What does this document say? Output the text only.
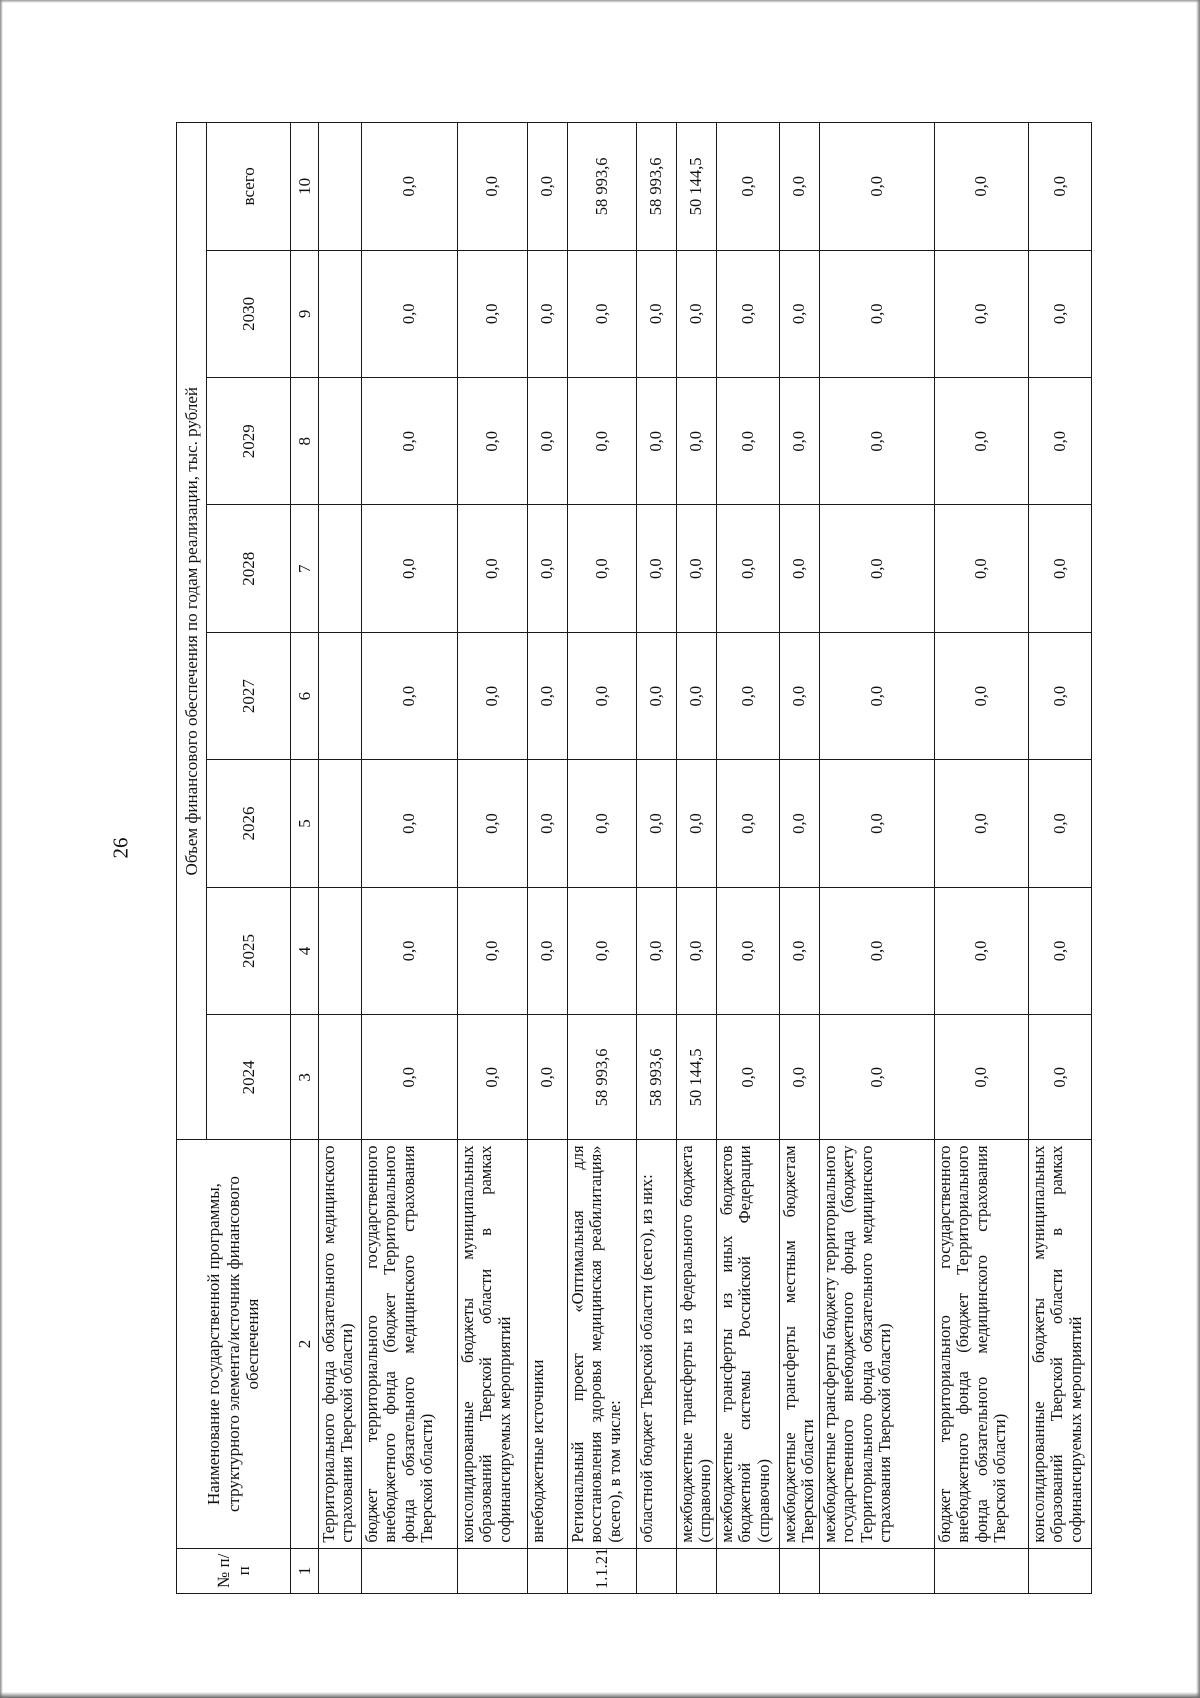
26
№ п/п	Наименование государственной программы, структурного элемента/источник финансового обеспечения	Объем финансового обеспечения по годам реализации, тыс. рублей							
		2024	2025	2026	2027	2028	2029	2030	всего
1	2	3	4	5	6	7	8	9	10
	Территориального фонда обязательного медицинского страхования Тверской области)								
	бюджет территориального государственного внебюджетного фонда (бюджет Территориального фонда обязательного медицинского страхования Тверской области)	0,0	0,0	0,0	0,0	0,0	0,0	0,0	0,0
	консолидированные бюджеты муниципальных образований Тверской области в рамках софинансируемых мероприятий	0,0	0,0	0,0	0,0	0,0	0,0	0,0	0,0
	внебюджетные источники	0,0	0,0	0,0	0,0	0,0	0,0	0,0	0,0
1.1.21	Региональный проект «Оптимальная для восстановления здоровья медицинская реабилитация» (всего), в том числе:	58 993,6	0,0	0,0	0,0	0,0	0,0	0,0	58 993,6
	областной бюджет Тверской области (всего), из них:	58 993,6	0,0	0,0	0,0	0,0	0,0	0,0	58 993,6
	межбюджетные трансферты из федерального бюджета (справочно)	50 144,5	0,0	0,0	0,0	0,0	0,0	0,0	50 144,5
	межбюджетные трансферты из иных бюджетов бюджетной системы Российской Федерации (справочно)	0,0	0,0	0,0	0,0	0,0	0,0	0,0	0,0
	межбюджетные трансферты местным бюджетам Тверской области	0,0	0,0	0,0	0,0	0,0	0,0	0,0	0,0
	межбюджетные трансферты бюджету территориального государственного внебюджетного фонда (бюджету Территориального фонда обязательного медицинского страхования Тверской области)	0,0	0,0	0,0	0,0	0,0	0,0	0,0	0,0
	бюджет территориального государственного внебюджетного фонда (бюджет Территориального фонда обязательного медицинского страхования Тверской области)	0,0	0,0	0,0	0,0	0,0	0,0	0,0	0,0
	консолидированные бюджеты муниципальных образований Тверской области в рамках софинансируемых мероприятий	0,0	0,0	0,0	0,0	0,0	0,0	0,0	0,0
